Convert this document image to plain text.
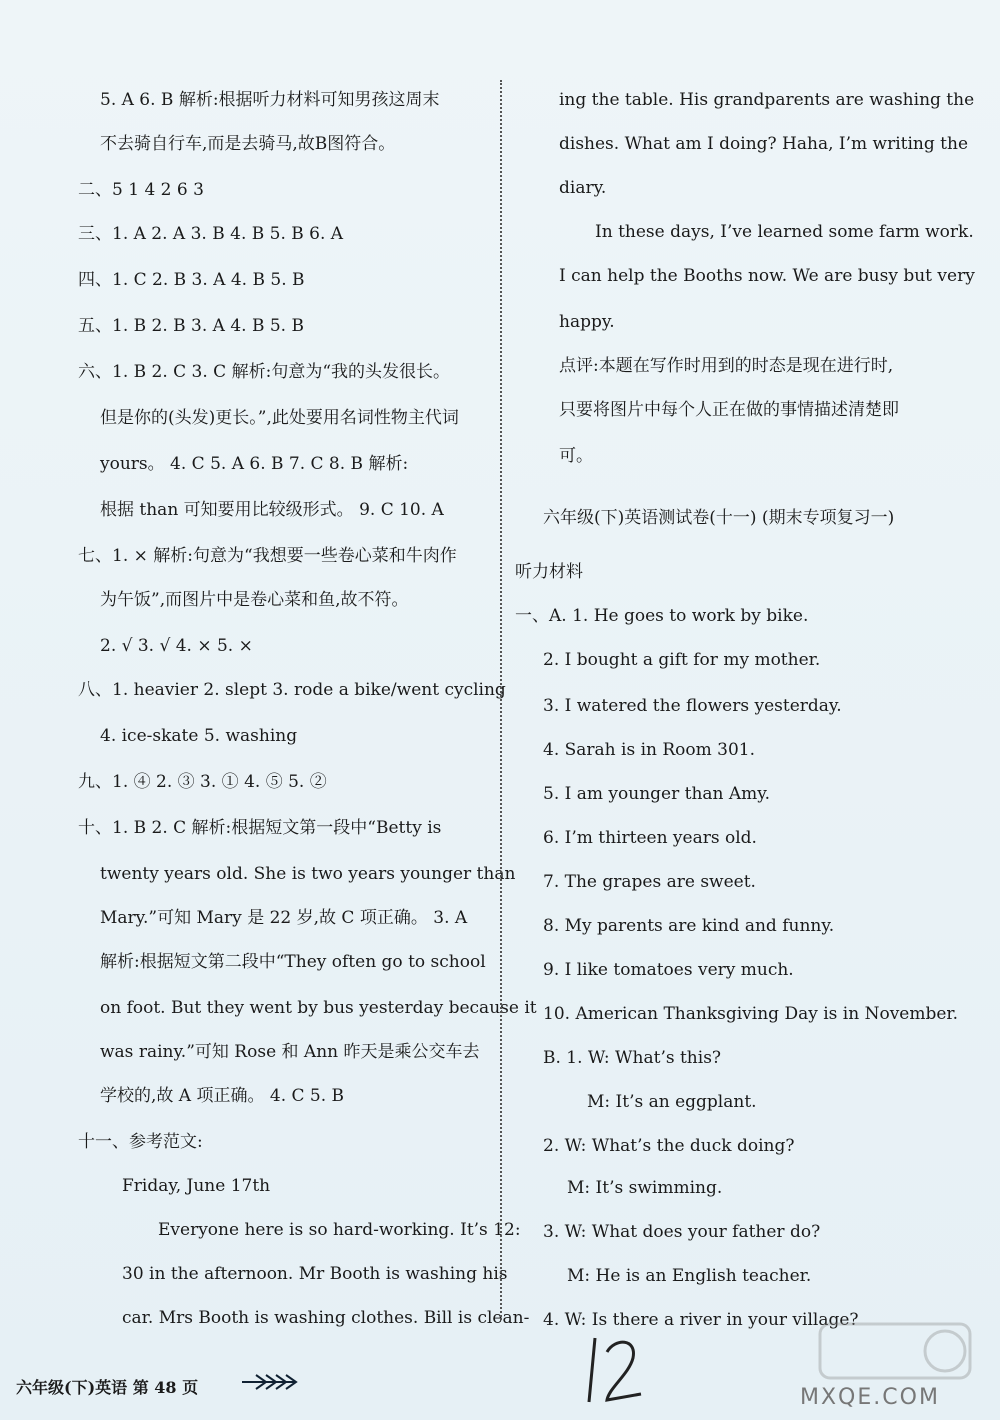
5. A 6. B 解析:根据听力材料可知男孩这周末
不去骑自行车,而是去骑马,故B图符合。
二、5 1 4 2 6 3
三、1. A 2. A 3. B 4. B 5. B 6. A
四、1. C 2. B 3. A 4. B 5. B
五、1. B 2. B 3. A 4. B 5. B
六、1. B 2. C 3. C 解析:句意为“我的头发很长。
但是你的(头发)更长。”,此处要用名词性物主代词
yours。 4. C 5. A 6. B 7. C 8. B 解析:
根据 than 可知要用比较级形式。 9. C 10. A
七、1. × 解析:句意为“我想要一些卷心菜和牛肉作
为午饭”,而图片中是卷心菜和鱼,故不符。
2. √ 3. √ 4. × 5. ×
八、1. heavier 2. slept 3. rode a bike/went cycling
4. ice-skate 5. washing
九、1. ④ 2. ③ 3. ① 4. ⑤ 5. ②
十、1. B 2. C 解析:根据短文第一段中“Betty is
twenty years old. She is two years younger than
Mary.”可知 Mary 是 22 岁,故 C 项正确。 3. A
解析:根据短文第二段中“They often go to school
on foot. But they went by bus yesterday because it
was rainy.”可知 Rose 和 Ann 昨天是乘公交车去
学校的,故 A 项正确。 4. C 5. B
十一、参考范文:
Friday, June 17th
Everyone here is so hard-working. It’s 12:
30 in the afternoon. Mr Booth is washing his
car. Mrs Booth is washing clothes. Bill is clean-
ing the table. His grandparents are washing the
dishes. What am I doing? Haha, I’m writing the
diary.
In these days, I’ve learned some farm work.
I can help the Booths now. We are busy but very
happy.
点评:本题在写作时用到的时态是现在进行时,
只要将图片中每个人正在做的事情描述清楚即
可。
六年级(下)英语测试卷(十一) (期末专项复习一)
听力材料
一、A. 1. He goes to work by bike.
2. I bought a gift for my mother.
3. I watered the flowers yesterday.
4. Sarah is in Room 301.
5. I am younger than Amy.
6. I’m thirteen years old.
7. The grapes are sweet.
8. My parents are kind and funny.
9. I like tomatoes very much.
10. American Thanksgiving Day is in November.
B. 1. W: What’s this?
M: It’s an eggplant.
2. W: What’s the duck doing?
M: It’s swimming.
3. W: What does your father do?
M: He is an English teacher.
4. W: Is there a river in your village?
六年级(下)英语 第 48 页	MXQE.COM
